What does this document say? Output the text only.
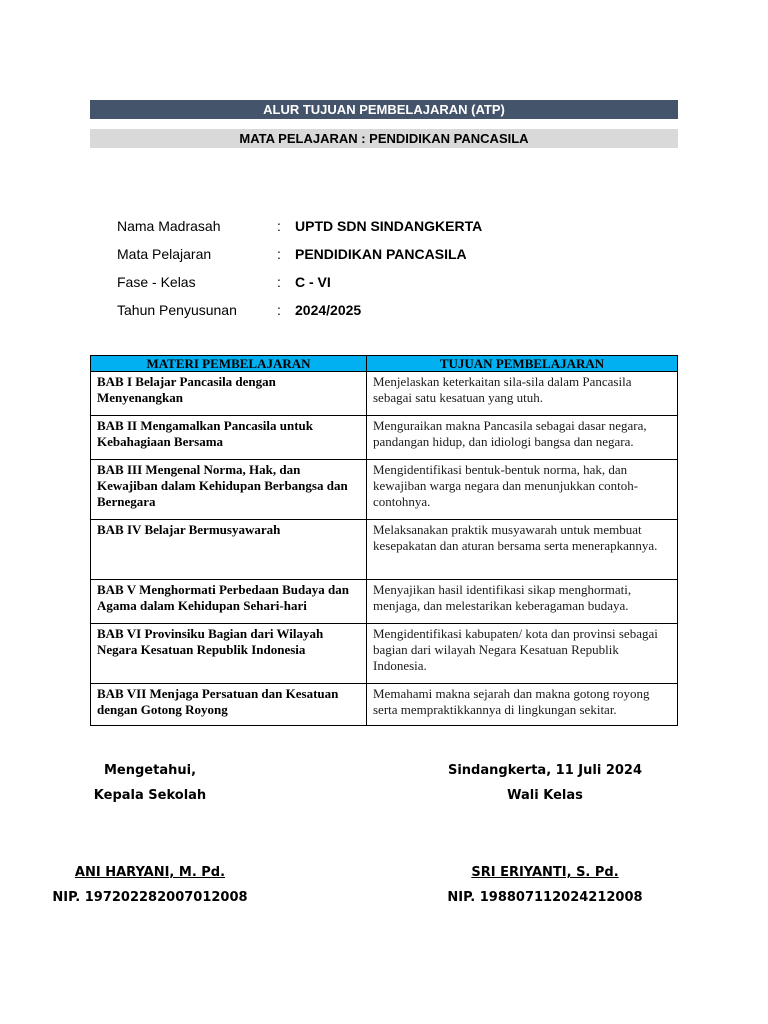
ALUR TUJUAN PEMBELAJARAN (ATP)
MATA PELAJARAN : PENDIDIKAN PANCASILA
Nama Madrasah	:	UPTD SDN SINDANGKERTA
Mata Pelajaran	:	PENDIDIKAN PANCASILA
Fase - Kelas	:	C - VI
Tahun Penyusunan	:	2024/2025
MATERI PEMBELAJARAN	TUJUAN PEMBELAJARAN
BAB I Belajar Pancasila dengan Menyenangkan	Menjelaskan keterkaitan sila-sila dalam Pancasila sebagai satu kesatuan yang utuh.
BAB II Mengamalkan Pancasila untuk Kebahagiaan Bersama	Menguraikan makna Pancasila sebagai dasar negara, pandangan hidup, dan idiologi bangsa dan negara.
BAB III Mengenal Norma, Hak, dan Kewajiban dalam Kehidupan Berbangsa dan Bernegara	Mengidentifikasi bentuk-bentuk norma, hak, dan kewajiban warga negara dan menunjukkan contoh-contohnya.
BAB IV Belajar Bermusyawarah	Melaksanakan praktik musyawarah untuk membuat kesepakatan dan aturan bersama serta menerapkannya.
BAB V Menghormati Perbedaan Budaya dan Agama dalam Kehidupan Sehari-hari	Menyajikan hasil identifikasi sikap menghormati, menjaga, dan melestarikan keberagaman budaya.
BAB VI Provinsiku Bagian dari Wilayah Negara Kesatuan Republik Indonesia	Mengidentifikasi kabupaten/ kota dan provinsi sebagai bagian dari wilayah Negara Kesatuan Republik Indonesia.
BAB VII Menjaga Persatuan dan Kesatuan dengan Gotong Royong	Memahami makna sejarah dan makna gotong royong serta mempraktikkannya di lingkungan sekitar.
Mengetahui,
Kepala Sekolah
ANI HARYANI, M. Pd.
NIP. 197202282007012008
Sindangkerta, 11 Juli 2024
Wali Kelas
SRI ERIYANTI, S. Pd.
NIP. 198807112024212008
